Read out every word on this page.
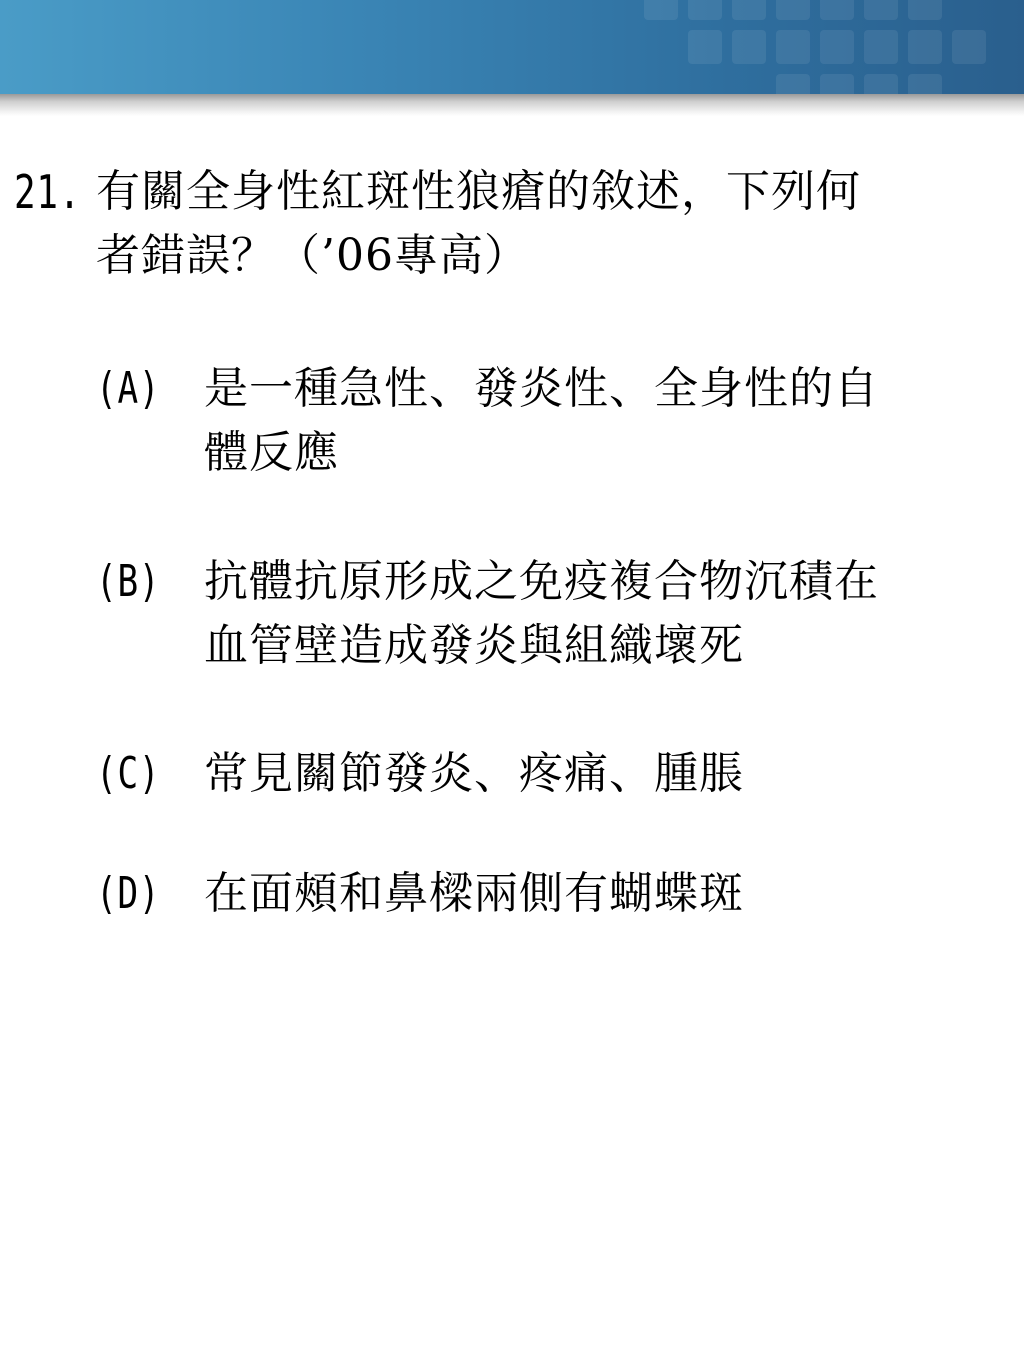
21. 有關全身性紅斑性狼瘡的敘述，下列何
者錯誤？（’06專高）
(A) 是一種急性、發炎性、全身性的自
體反應
(B) 抗體抗原形成之免疫複合物沉積在
血管壁造成發炎與組織壞死
(C) 常見關節發炎、疼痛、腫脹
(D) 在面頰和鼻樑兩側有蝴蝶斑
